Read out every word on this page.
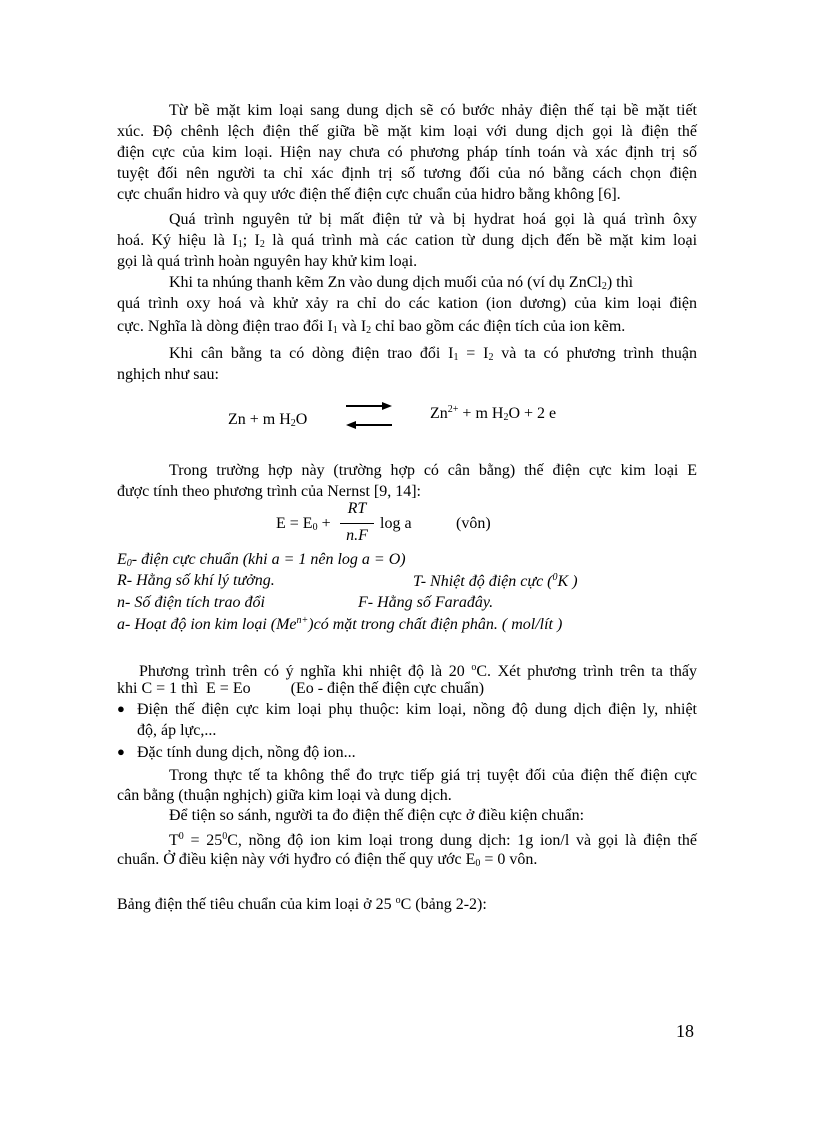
Từ bề mặt kim loại sang dung dịch sẽ có bước nhảy điện thế tại bề mặt tiết
xúc. Độ chênh lệch điện thế giữa bề mặt kim loại với dung dịch gọi là điện thế
điện cực của kim loại. Hiện nay chưa có phương pháp tính toán và xác định trị số
tuyệt đối nên người ta chỉ xác định trị số tương đối của nó bằng cách chọn điện
cực chuẩn hidro và quy ước điện thế điện cực chuẩn của hidro bằng không [6].
Quá trình nguyên tử bị mất điện tử và bị hydrat hoá gọi là quá trình ôxy
hoá. Ký hiệu là $I_1$; $I_2$ là quá trình mà các cation từ dung dịch đến bề mặt kim loại
gọi là quá trình hoàn nguyên hay khử kim loại.
Khi ta nhúng thanh kẽm Zn vào dung dịch muối của nó (ví dụ ZnCl$_2$) thì
quá trình oxy hoá và khử xảy ra chỉ do các kation (ion dương) của kim loại điện
cực. Nghĩa là dòng điện trao đổi $I_1$ và $I_2$ chỉ bao gồm các điện tích của ion kẽm.
Khi cân bằng ta có dòng điện trao đổi $I_1 = I_2$ và ta có phương trình thuận
nghịch như sau:
Zn + m $H_2O$	$Zn^{2+} + m$ $H_2O + 2$ e
Trong trường hợp này (trường hợp có cân bằng) thế điện cực kim loại E
được tính theo phương trình của Nernst [9, 14]:
$E = E_0$ +
RT
n.F
log a	(vôn)
$E_0-$ điện cực chuẩn (khi a = 1 nên log a = O)
R- Hằng số khí lý tưởng.	T- Nhiệt độ điện cực ($^0$K )
n- Số điện tích trao đổi	F- Hằng số Farađây.
a- Hoạt độ ion kim loại $(Me^{n+})có$ mặt trong chất điện phân. ( mol/lít )
Phương trình trên có ý nghĩa khi nhiệt độ là 20 $^o$C. Xét phương trình trên ta thấy
khi C = 1 thì  E = Eo          (Eo - điện thế điện cực chuẩn)
● Điện thế điện cực kim loại phụ thuộc: kim loại, nồng độ dung dịch điện ly, nhiệt
độ, áp lực,...
● Đặc tính dung dịch, nồng độ ion...
Trong thực tế ta không thể đo trực tiếp giá trị tuyệt đối của điện thế điện cực
cân bằng (thuận nghịch) giữa kim loại và dung dịch.
Để tiện so sánh, người ta đo điện thế điện cực ở điều kiện chuẩn:
$T^0 = 25^0C$, nồng độ ion kim loại trong dung dịch: 1g ion/l và gọi là điện thế
chuẩn. Ở điều kiện này với hyđro có điện thế quy ước $E_0 = 0$ vôn.
Bảng điện thế tiêu chuẩn của kim loại ở 25 $^o$C (bảng 2-2):
18
